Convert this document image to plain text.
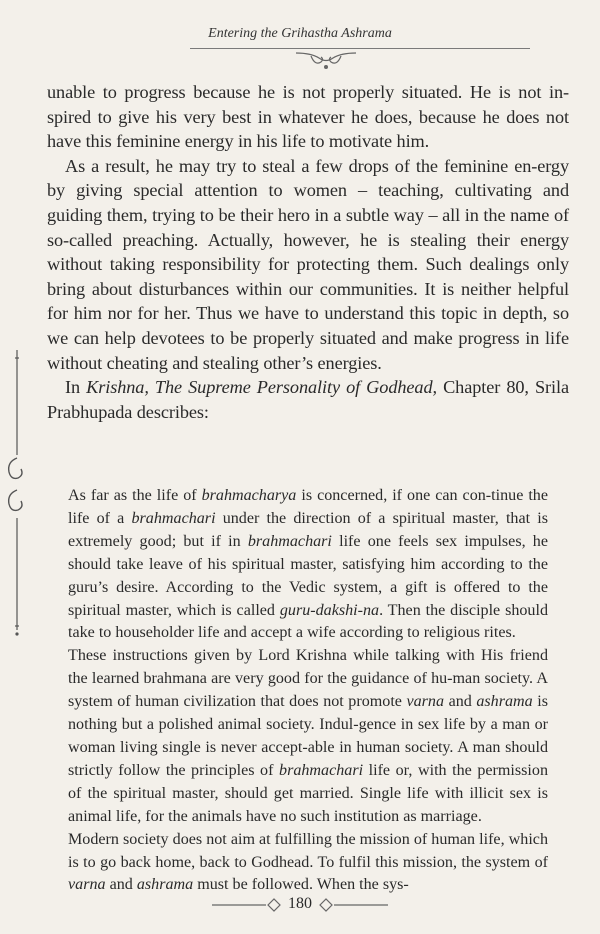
Entering the Grihastha Ashrama

unable to progress because he is not properly situated. He is not in-spired to give his very best in whatever he does, because he does not have this feminine energy in his life to motivate him.

As a result, he may try to steal a few drops of the feminine en-ergy by giving special attention to women – teaching, cultivating and guiding them, trying to be their hero in a subtle way – all in the name of so-called preaching. Actually, however, he is stealing their energy without taking responsibility for protecting them. Such dealings only bring about disturbances within our communities. It is neither helpful for him nor for her. Thus we have to understand this topic in depth, so we can help devotees to be properly situated and make progress in life without cheating and stealing other’s energies.

In Krishna, The Supreme Personality of Godhead, Chapter 80, Srila Prabhupada describes:

As far as the life of brahmacharya is concerned, if one can con-tinue the life of a brahmachari under the direction of a spiritual master, that is extremely good; but if in brahmachari life one feels sex impulses, he should take leave of his spiritual master, satisfying him according to the guru’s desire. According to the Vedic system, a gift is offered to the spiritual master, which is called guru-dakshi-na. Then the disciple should take to householder life and accept a wife according to religious rites.

These instructions given by Lord Krishna while talking with His friend the learned brahmana are very good for the guidance of hu-man society. A system of human civilization that does not promote varna and ashrama is nothing but a polished animal society. Indul-gence in sex life by a man or woman living single is never accept-able in human society. A man should strictly follow the principles of brahmachari life or, with the permission of the spiritual master, should get married. Single life with illicit sex is animal life, for the animals have no such institution as marriage.

Modern society does not aim at fulfilling the mission of human life, which is to go back home, back to Godhead. To fulfil this mission, the system of varna and ashrama must be followed. When the sys-

180
